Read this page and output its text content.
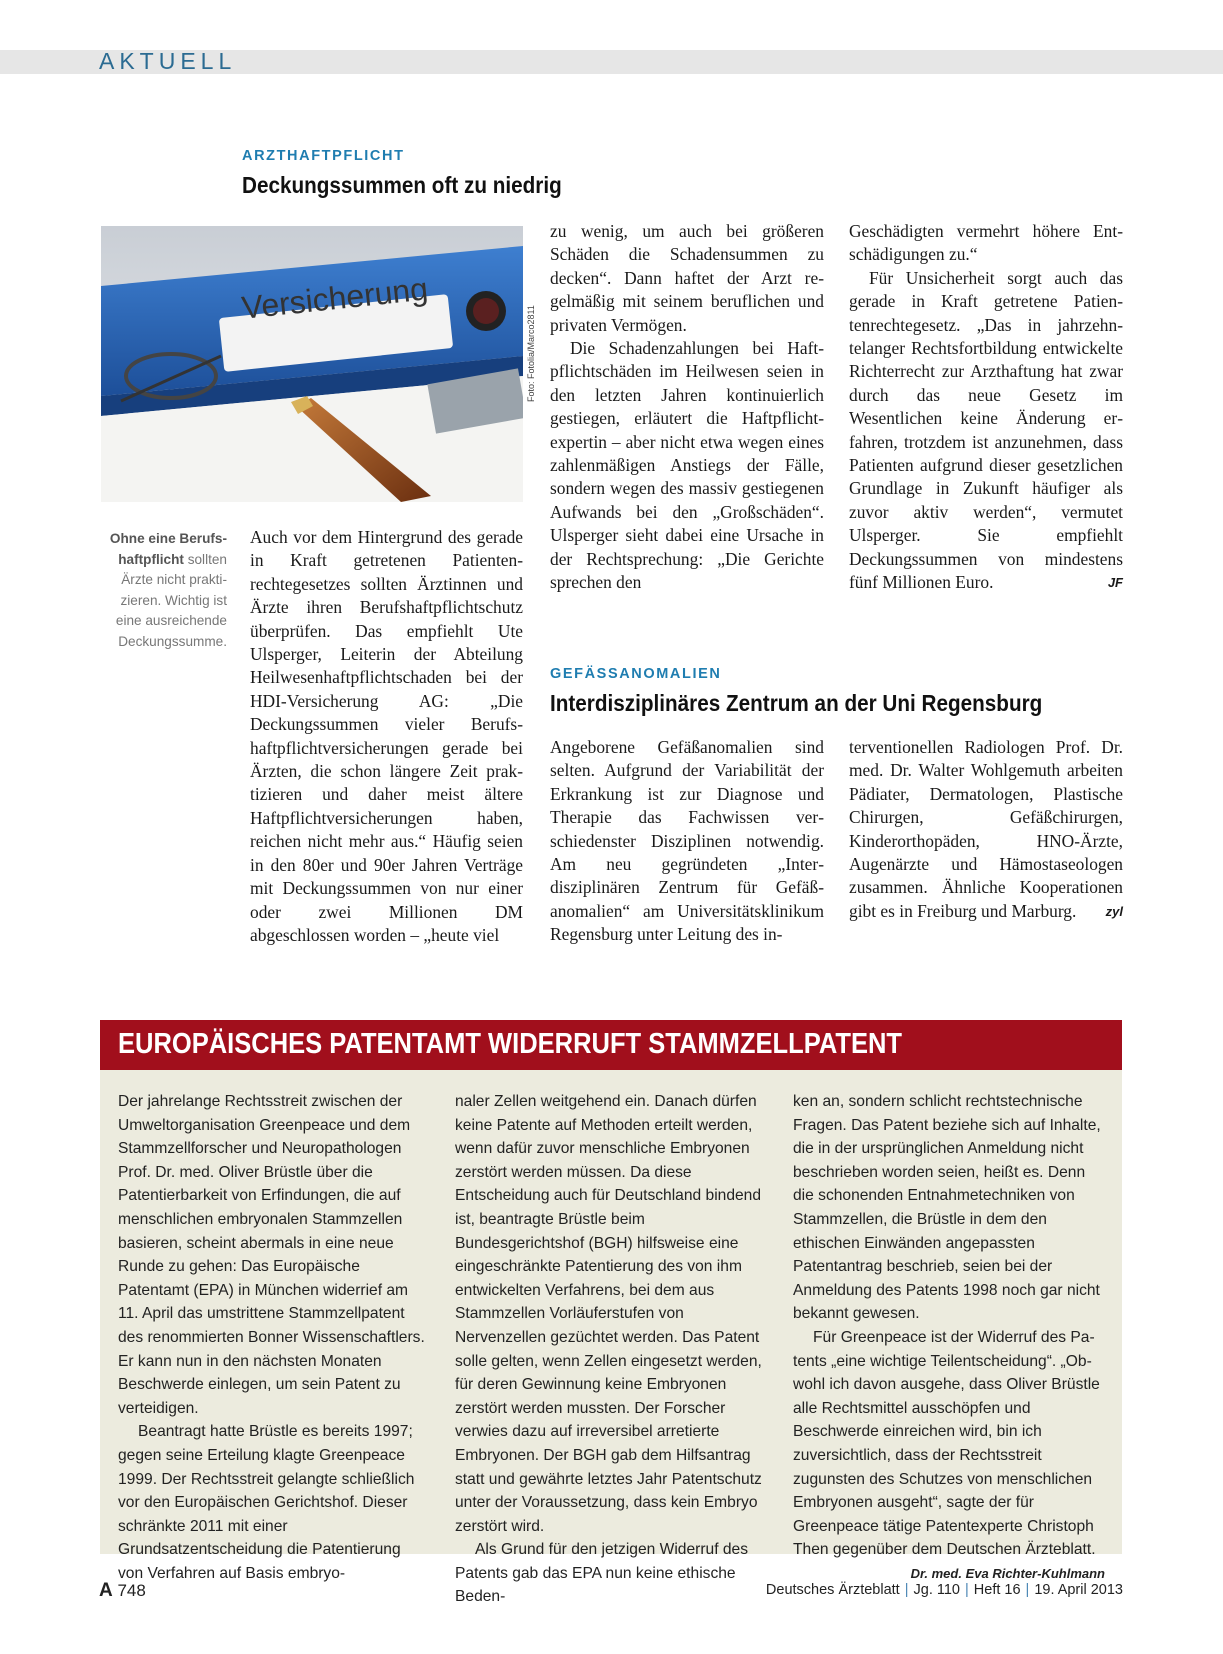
AKTUELL
ARZTHAFTPFLICHT
Deckungssummen oft zu niedrig
Foto: Fotolia/Marco2811
Versicherung
Ohne eine Berufshaftpflicht sollten Ärzte nicht praktizieren. Wichtig ist eine ausreichende Deckungssumme.

Auch vor dem Hintergrund des gerade in Kraft getretenen Patientenrechtegesetzes sollten Ärztinnen und Ärzte ihren Berufshaftpflichtschutz überprüfen. Das empfiehlt Ute Ulsperger, Leiterin der Abteilung Heilwesenhaftpflichtschaden bei der HDI-Versicherung AG: „Die Deckungssummen vieler Berufshaftpflichtversicherungen gerade bei Ärzten, die schon längere Zeit praktizieren und daher meist ältere Haftpflichtversicherungen haben, reichen nicht mehr aus.“ Häufig seien in den 80er und 90er Jahren Verträge mit Deckungssummen von nur einer oder zwei Millionen DM abgeschlossen worden – „heute viel

zu wenig, um auch bei größeren Schäden die Schadensummen zu decken“. Dann haftet der Arzt regelmäßig mit seinem beruflichen und privaten Vermögen.

Die Schadenzahlungen bei Haftpflichtschäden im Heilwesen seien in den letzten Jahren kontinuierlich gestiegen, erläutert die Haftpflichtexpertin – aber nicht etwa wegen eines zahlenmäßigen Anstiegs der Fälle, sondern wegen des massiv gestiegenen Aufwands bei den „Großschäden“. Ulsperger sieht dabei eine Ursache in der Rechtsprechung: „Die Gerichte sprechen den

Geschädigten vermehrt höhere Entschädigungen zu.“

Für Unsicherheit sorgt auch das gerade in Kraft getretene Patientenrechtegesetz. „Das in jahrzehntelanger Rechtsfortbildung entwickelte Richterrecht zur Arzthaftung hat zwar durch das neue Gesetz im Wesentlichen keine Änderung erfahren, trotzdem ist anzunehmen, dass Patienten aufgrund dieser gesetzlichen Grundlage in Zukunft häufiger als zuvor aktiv werden“, vermutet Ulsperger. Sie empfiehlt Deckungssummen von mindestens fünf Millionen Euro.	JF

GEFÄSSANOMALIEN
Interdisziplinäres Zentrum an der Uni Regensburg

Angeborene Gefäßanomalien sind selten. Aufgrund der Variabilität der Erkrankung ist zur Diagnose und Therapie das Fachwissen verschiedenster Disziplinen notwendig. Am neu gegründeten „Interdisziplinären Zentrum für Gefäßanomalien“ am Universitätsklinikum Regensburg unter Leitung des in-

terventionellen Radiologen Prof. Dr. med. Dr. Walter Wohlgemuth arbeiten Pädiater, Dermatologen, Plastische Chirurgen, Gefäßchirurgen, Kinderorthopäden, HNO-Ärzte, Augenärzte und Hämostaseologen zusammen. Ähnliche Kooperationen gibt es in Freiburg und Marburg. zyl

EUROPÄISCHES PATENTAMT WIDERRUFT STAMMZELLPATENT

Der jahrelange Rechtsstreit zwischen der Umweltorganisation Greenpeace und dem Stammzellforscher und Neuropathologen Prof. Dr. med. Oliver Brüstle über die Patentierbarkeit von Erfindungen, die auf menschlichen embryonalen Stammzellen basieren, scheint abermals in eine neue Runde zu gehen: Das Europäische Patentamt (EPA) in München widerrief am 11. April das umstrittene Stammzellpatent des renommierten Bonner Wissenschaftlers. Er kann nun in den nächsten Monaten Beschwerde einlegen, um sein Patent zu verteidigen.

Beantragt hatte Brüstle es bereits 1997; gegen seine Erteilung klagte Greenpeace 1999. Der Rechtsstreit gelangte schließlich vor den Europäischen Gerichtshof. Dieser schränkte 2011 mit einer Grundsatzentscheidung die Patentierung von Verfahren auf Basis embryo-

naler Zellen weitgehend ein. Danach dürfen keine Patente auf Methoden erteilt werden, wenn dafür zuvor menschliche Embryonen zerstört werden müssen. Da diese Entscheidung auch für Deutschland bindend ist, beantragte Brüstle beim Bundesgerichtshof (BGH) hilfsweise eine eingeschränkte Patentierung des von ihm entwickelten Verfahrens, bei dem aus Stammzellen Vorläuferstufen von Nervenzellen gezüchtet werden. Das Patent solle gelten, wenn Zellen eingesetzt werden, für deren Gewinnung keine Embryonen zerstört werden mussten. Der Forscher verwies dazu auf irreversibel arretierte Embryonen. Der BGH gab dem Hilfsantrag statt und gewährte letztes Jahr Patentschutz unter der Voraussetzung, dass kein Embryo zerstört wird.

Als Grund für den jetzigen Widerruf des Patents gab das EPA nun keine ethische Beden-

ken an, sondern schlicht rechtstechnische Fragen. Das Patent beziehe sich auf Inhalte, die in der ursprünglichen Anmeldung nicht beschrieben worden seien, heißt es. Denn die schonenden Entnahmetechniken von Stammzellen, die Brüstle in dem den ethischen Einwänden angepassten Patentantrag beschrieb, seien bei der Anmeldung des Patents 1998 noch gar nicht bekannt gewesen.

Für Greenpeace ist der Widerruf des Patents „eine wichtige Teilentscheidung“. „Obwohl ich davon ausgehe, dass Oliver Brüstle alle Rechtsmittel ausschöpfen und Beschwerde einreichen wird, bin ich zuversichtlich, dass der Rechtsstreit zugunsten des Schutzes von menschlichen Embryonen ausgeht“, sagte der für Greenpeace tätige Patentexperte Christoph Then gegenüber dem Deutschen Ärzteblatt.
Dr. med. Eva Richter-Kuhlmann

A 748	Deutsches Ärzteblatt | Jg. 110 | Heft 16 | 19. April 2013
